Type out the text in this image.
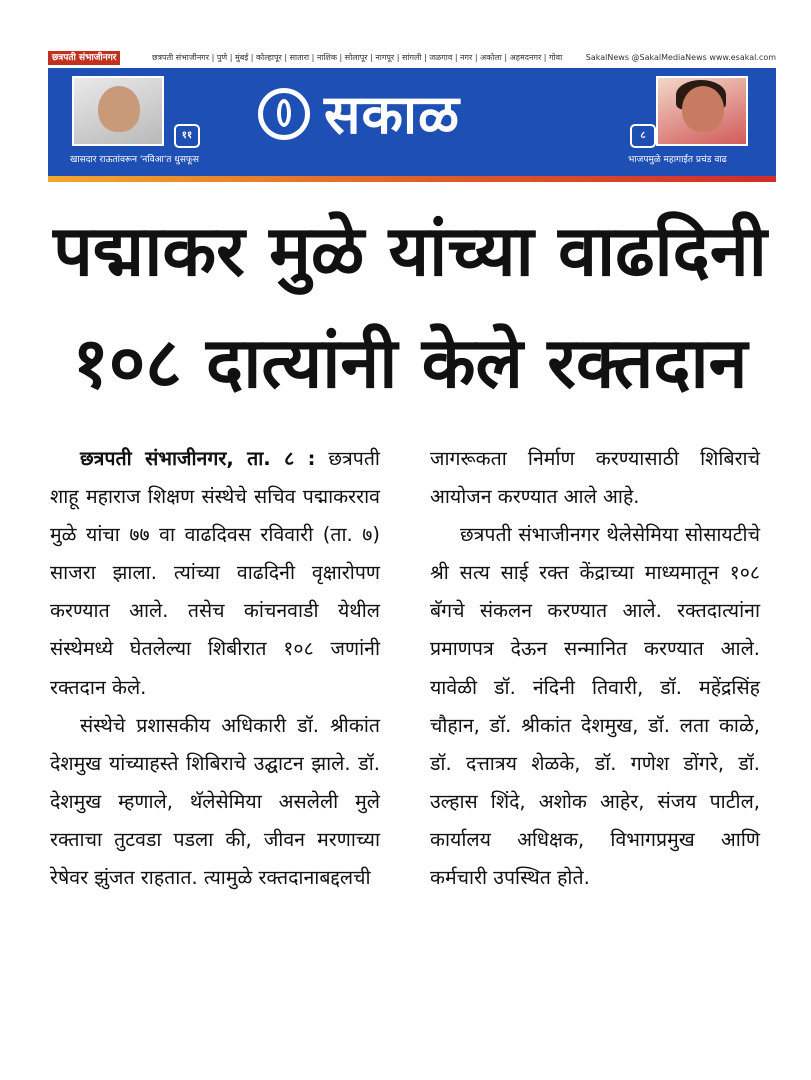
छत्रपती संभाजीनगर	छत्रपती संभाजीनगर | पुणे | मुंबई | कोल्हापूर | सातारा | नाशिक | सोलापूर | नागपूर | सांगली | जळगाव | नगर | अकोला | अहमदनगर | गोवा	SakalNews @SakalMediaNews www.esakal.com
११
खासदार राऊतांवरून 'नविआ'त धुसफूस
सकाळ	८
भाजपमुळे महागाईत प्रचंड वाढ
पद्माकर मुळे यांच्या वाढदिनी
१०८ दात्यांनी केले रक्तदान

छत्रपती संभाजीनगर, ता. ८ : छत्रपती शाहू महाराज शिक्षण संस्थेचे सचिव पद्माकरराव मुळे यांचा ७७ वा वाढदिवस रविवारी (ता. ७) साजरा झाला. त्यांच्या वाढदिनी वृक्षारोपण करण्यात आले. तसेच कांचनवाडी येथील संस्थेमध्ये घेतलेल्या शिबीरात १०८ जणांनी रक्तदान केले.

संस्थेचे प्रशासकीय अधिकारी डॉ. श्रीकांत देशमुख यांच्याहस्ते शिबिराचे उद्घाटन झाले. डॉ. देशमुख म्हणाले, थॅलेसेमिया असलेली मुले रक्ताचा तुटवडा पडला की, जीवन मरणाच्या रेषेवर झुंजत राहतात. त्यामुळे रक्तदानाबद्दलची

जागरूकता निर्माण करण्यासाठी शिबिराचे आयोजन करण्यात आले आहे.

छत्रपती संभाजीनगर थेलेसेमिया सोसायटीचे श्री सत्य साई रक्त केंद्राच्या माध्यमातून १०८ बॅगचे संकलन करण्यात आले. रक्तदात्यांना प्रमाणपत्र देऊन सन्मानित करण्यात आले. यावेळी डॉ. नंदिनी तिवारी, डॉ. महेंद्रसिंह चौहान, डॉ. श्रीकांत देशमुख, डॉ. लता काळे, डॉ. दत्तात्रय शेळके, डॉ. गणेश डोंगरे, डॉ. उल्हास शिंदे, अशोक आहेर, संजय पाटील, कार्यालय अधिक्षक, विभागप्रमुख आणि कर्मचारी उपस्थित होते.
